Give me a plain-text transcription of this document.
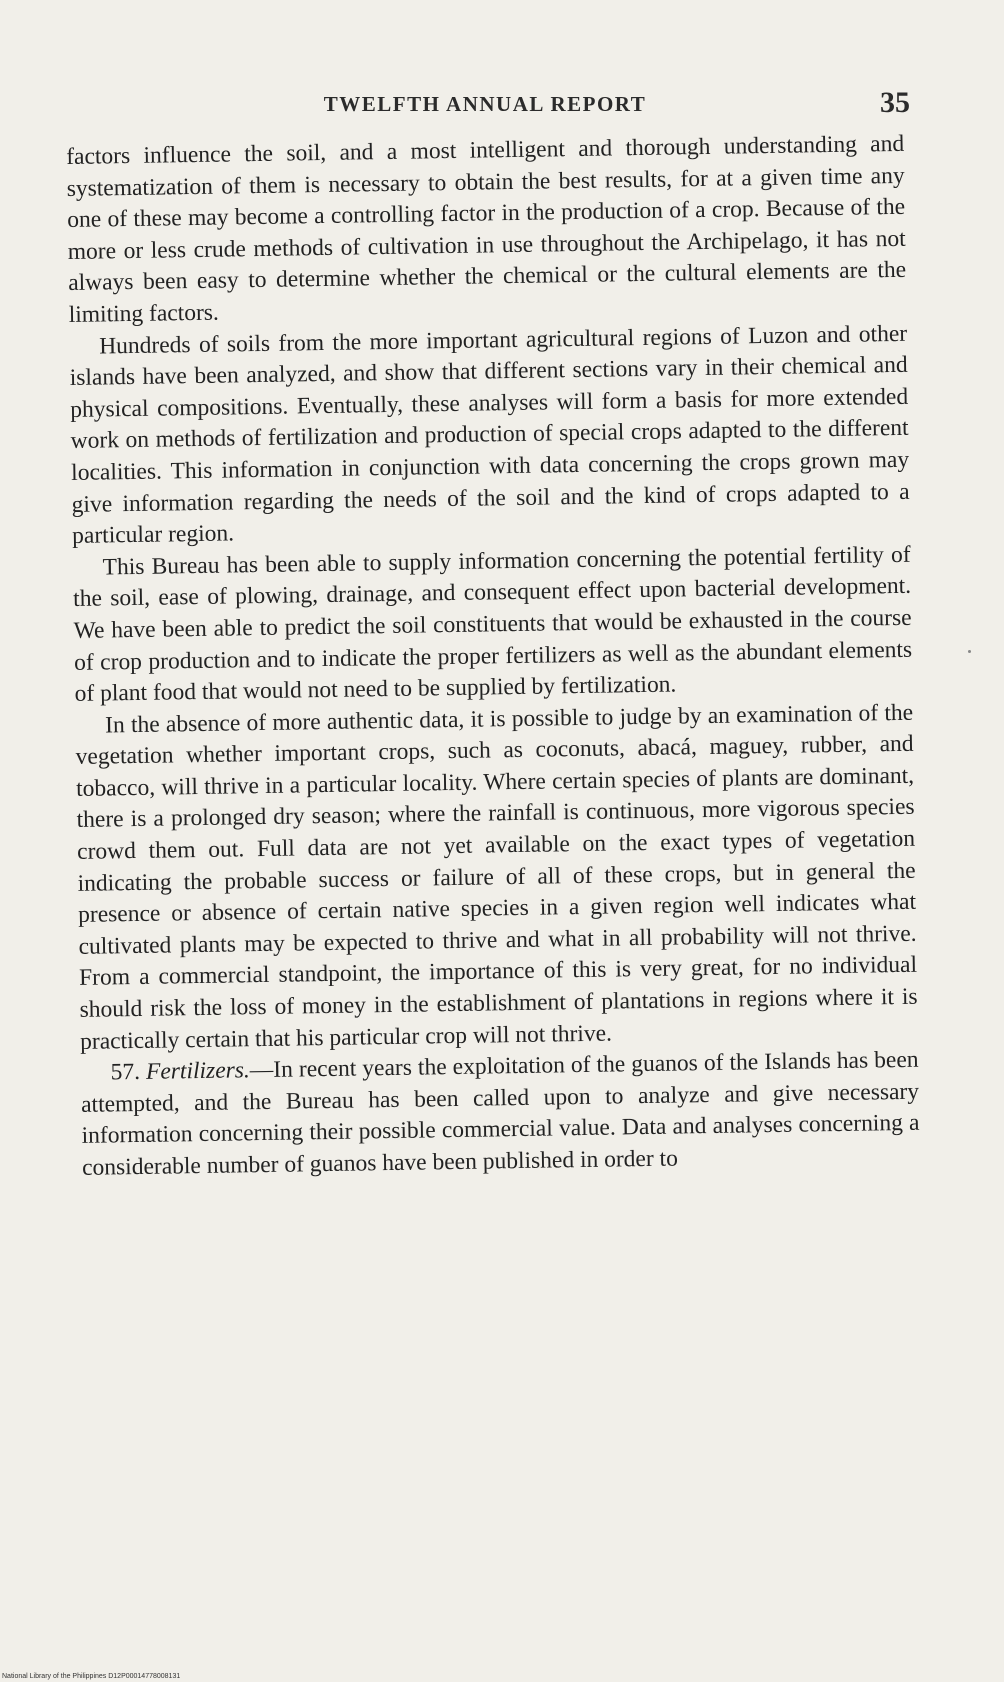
TWELFTH ANNUAL REPORT	35

factors influence the soil, and a most intelligent and thorough understanding and systematization of them is necessary to obtain the best results, for at a given time any one of these may become a controlling factor in the production of a crop. Because of the more or less crude methods of cultivation in use throughout the Archipelago, it has not always been easy to determine whether the chemical or the cultural elements are the limiting factors.

Hundreds of soils from the more important agricultural regions of Luzon and other islands have been analyzed, and show that different sections vary in their chemical and physical compositions. Eventually, these analyses will form a basis for more extended work on methods of fertilization and production of special crops adapted to the different localities. This information in conjunction with data concerning the crops grown may give information regarding the needs of the soil and the kind of crops adapted to a particular region.

This Bureau has been able to supply information concerning the potential fertility of the soil, ease of plowing, drainage, and consequent effect upon bacterial development. We have been able to predict the soil constituents that would be exhausted in the course of crop production and to indicate the proper fertilizers as well as the abundant elements of plant food that would not need to be supplied by fertilization.

In the absence of more authentic data, it is possible to judge by an examination of the vegetation whether important crops, such as coconuts, abacá, maguey, rubber, and tobacco, will thrive in a particular locality. Where certain species of plants are dominant, there is a prolonged dry season; where the rainfall is continuous, more vigorous species crowd them out. Full data are not yet available on the exact types of vegetation indicating the probable success or failure of all of these crops, but in general the presence or absence of certain native species in a given region well indicates what cultivated plants may be expected to thrive and what in all probability will not thrive. From a commercial standpoint, the importance of this is very great, for no individual should risk the loss of money in the establishment of plantations in regions where it is practically certain that his particular crop will not thrive.

57. Fertilizers.—In recent years the exploitation of the guanos of the Islands has been attempted, and the Bureau has been called upon to analyze and give necessary information concerning their possible commercial value. Data and analyses concerning a considerable number of guanos have been published in order to

National Library of the Philippines D12P00014778008131
